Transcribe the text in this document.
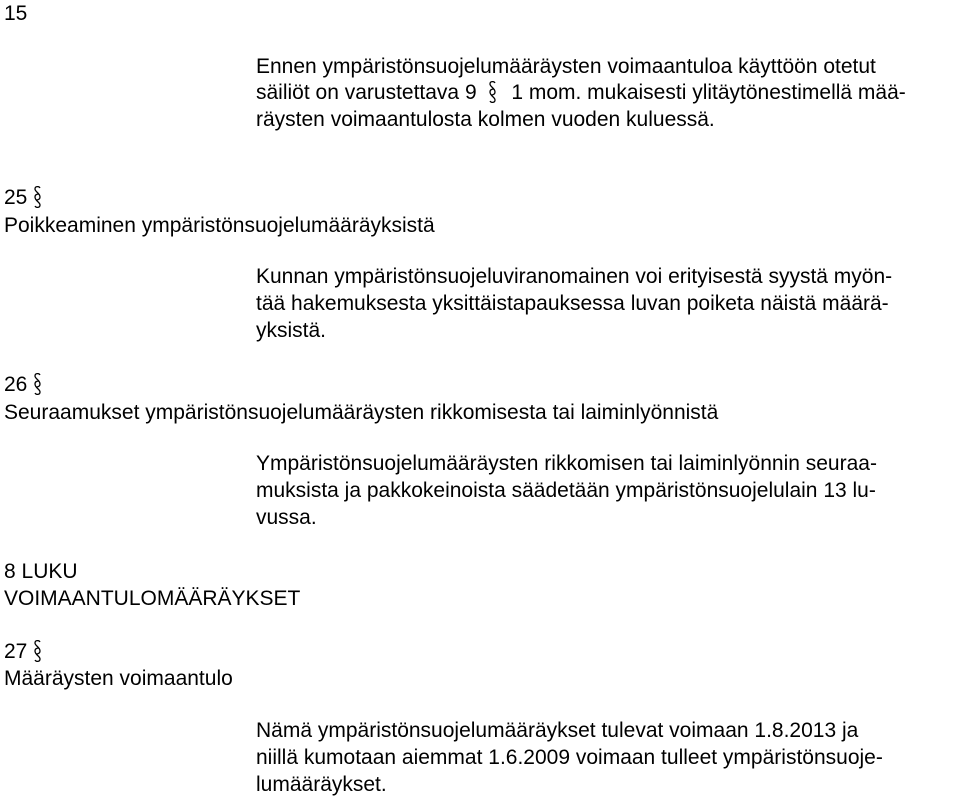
15
Ennen ympäristönsuojelumääräysten voimaantuloa käyttöön otetut
säiliöt on varustettava 9 1 mom. mukaisesti ylitäytönestimellä mää-
räysten voimaantulosta kolmen vuoden kuluessä.
25
Poikkeaminen ympäristönsuojelumääräyksistä
Kunnan ympäristönsuojeluviranomainen voi erityisestä syystä myön-
tää hakemuksesta yksittäistapauksessa luvan poiketa näistä määrä-
yksistä.
26
Seuraamukset ympäristönsuojelumääräysten rikkomisesta tai laiminlyönnistä
Ympäristönsuojelumääräysten rikkomisen tai laiminlyönnin seuraa-
muksista ja pakkokeinoista säädetään ympäristönsuojelulain 13 lu-
vussa.
8 LUKU
VOIMAANTULOMÄÄRÄYKSET
27
Määräysten voimaantulo
Nämä ympäristönsuojelumääräykset tulevat voimaan 1.8.2013 ja
niillä kumotaan aiemmat 1.6.2009 voimaan tulleet ympäristönsuoje-
lumääräykset.
